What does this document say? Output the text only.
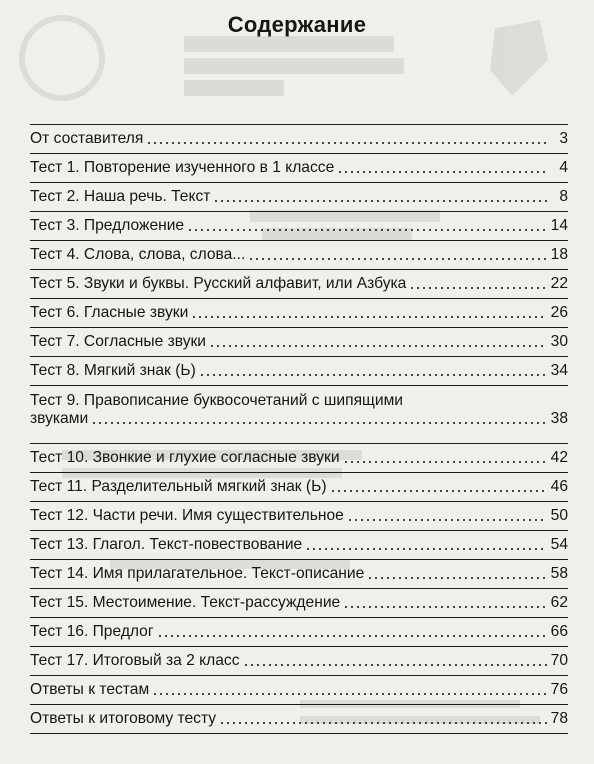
Содержание
От составителя	3
Тест 1. Повторение изученного в 1 классе	4
Тест 2. Наша речь. Текст	8
Тест 3. Предложение	14
Тест 4. Слова, слова, слова...	18
Тест 5. Звуки и буквы. Русский алфавит, или Азбука	22
Тест 6. Гласные звуки	26
Тест 7. Согласные звуки	30
Тест 8. Мягкий знак (Ь)	34
Тест 9. Правописание буквосочетаний с шипящими
звуками	38
Тест 10. Звонкие и глухие согласные звуки	42
Тест 11. Разделительный мягкий знак (Ь)	46
Тест 12. Части речи. Имя существительное	50
Тест 13. Глагол. Текст-повествование	54
Тест 14. Имя прилагательное. Текст-описание	58
Тест 15. Местоимение. Текст-рассуждение	62
Тест 16. Предлог	66
Тест 17. Итоговый за 2 класс	70
Ответы к тестам	76
Ответы к итоговому тесту	78
